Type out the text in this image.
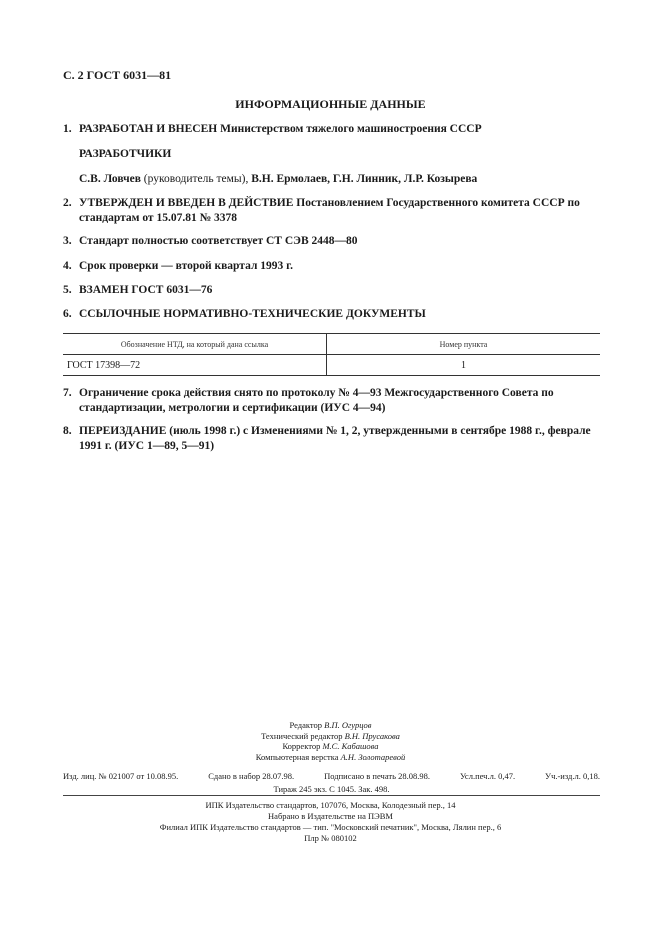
С. 2 ГОСТ 6031—81
ИНФОРМАЦИОННЫЕ ДАННЫЕ
1. РАЗРАБОТАН И ВНЕСЕН Министерством тяжелого машиностроения СССР
РАЗРАБОТЧИКИ
С.В. Ловчев (руководитель темы), В.Н. Ермолаев, Г.Н. Линник, Л.Р. Козырева
2. УТВЕРЖДЕН И ВВЕДЕН В ДЕЙСТВИЕ Постановлением Государственного комитета СССР по стандартам от 15.07.81 № 3378
3. Стандарт полностью соответствует СТ СЭВ 2448—80
4. Срок проверки — второй квартал 1993 г.
5. ВЗАМЕН ГОСТ 6031—76
6. ССЫЛОЧНЫЕ НОРМАТИВНО-ТЕХНИЧЕСКИЕ ДОКУМЕНТЫ
Обозначение НТД, на который дана ссылка	Номер пункта
ГОСТ 17398—72	1
7. Ограничение срока действия снято по протоколу № 4—93 Межгосударственного Совета по стандартизации, метрологии и сертификации (ИУС 4—94)
8. ПЕРЕИЗДАНИЕ (июль 1998 г.) с Изменениями № 1, 2, утвержденными в сентябре 1988 г., феврале 1991 г. (ИУС 1—89, 5—91)
Редактор В.П. Огурцов
Технический редактор В.Н. Прусакова
Корректор М.С. Кабашова
Компьютерная верстка А.Н. Золотаревой
Изд. лиц. № 021007 от 10.08.95.	Сдано в набор 28.07.98.	Подписано в печать 28.08.98.	Усл.печ.л. 0,47.	Уч.-изд.л. 0,18.
Тираж 245 экз. С 1045. Зак. 498.
ИПК Издательство стандартов, 107076, Москва, Колодезный пер., 14
Набрано в Издательстве на ПЭВМ
Филиал ИПК Издательство стандартов — тип. "Московский печатник", Москва, Лялин пер., 6
Плр № 080102
